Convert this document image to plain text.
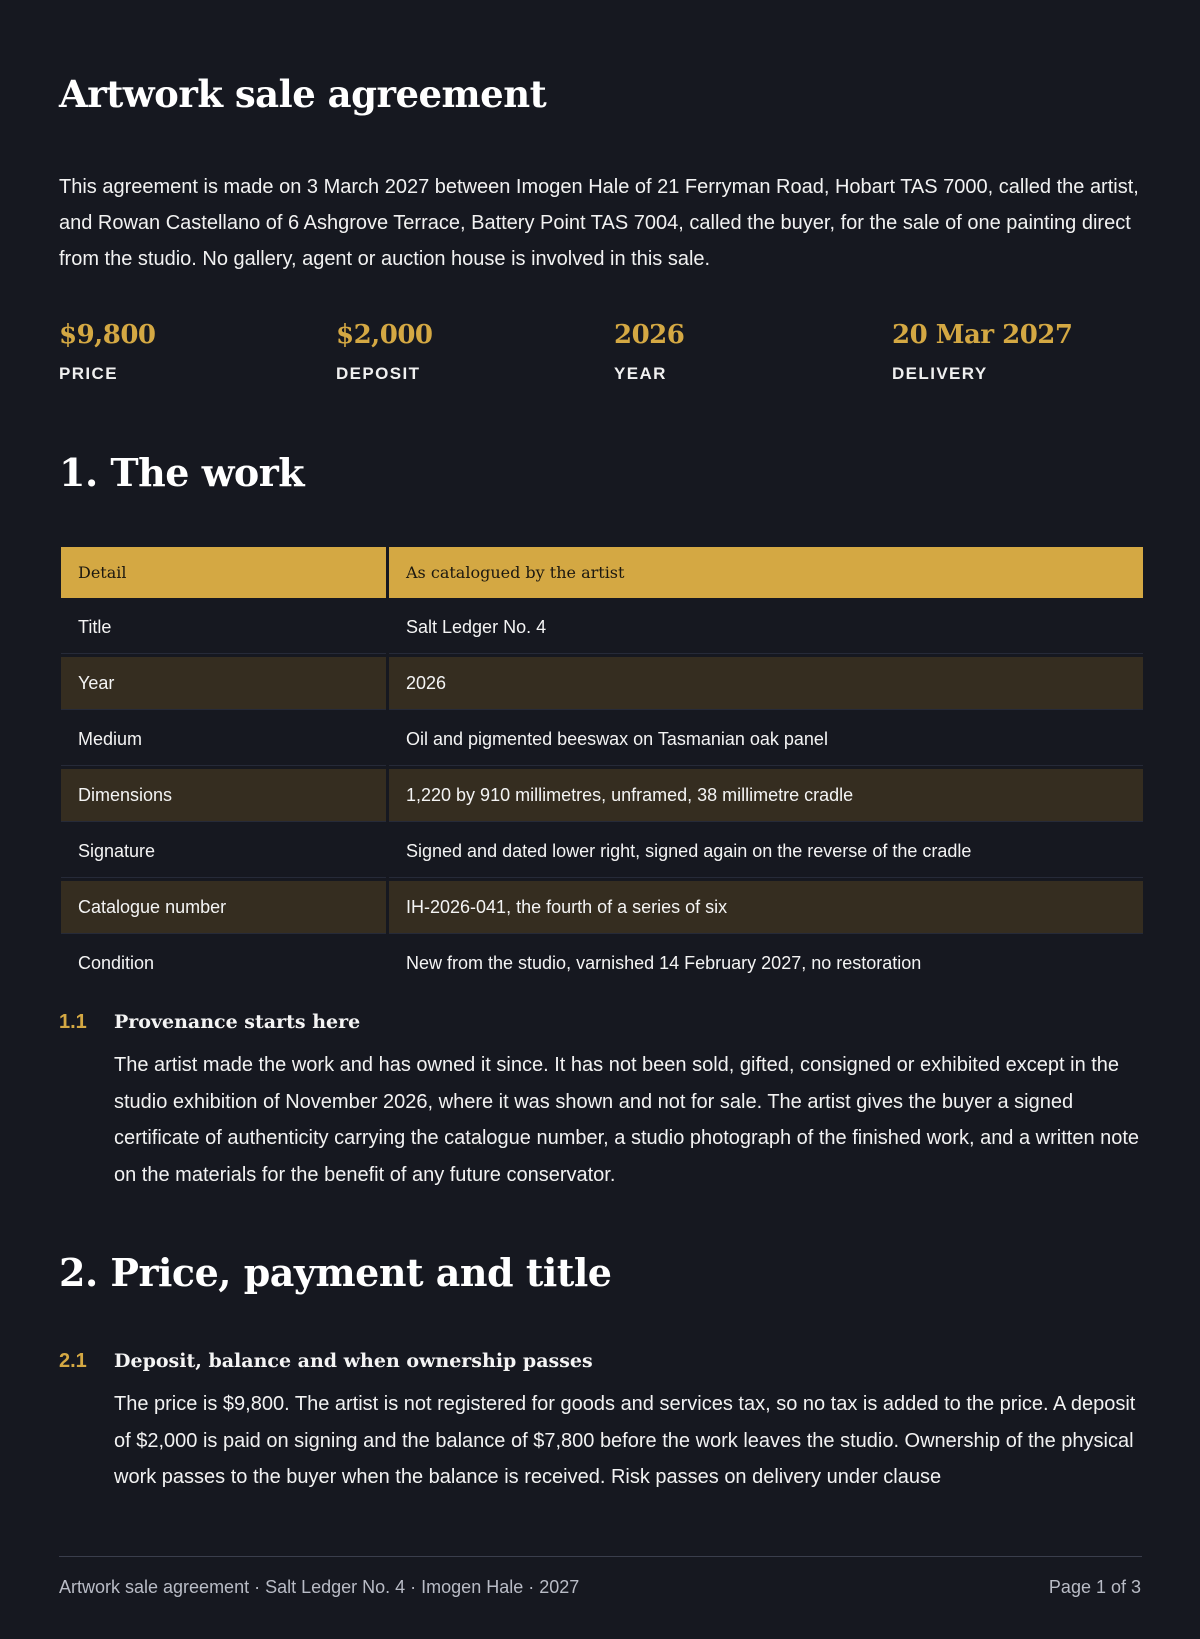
Artwork sale agreement

This agreement is made on 3 March 2027 between Imogen Hale of 21 Ferryman Road, Hobart TAS 7000, called the artist, and Rowan Castellano of 6 Ashgrove Terrace, Battery Point TAS 7004, called the buyer, for the sale of one painting direct from the studio. No gallery, agent or auction house is involved in this sale.

$9,800
PRICE
$2,000
DEPOSIT
2026
YEAR
20 Mar 2027
DELIVERY
1. The work
Detail	As catalogued by the artist
Title	Salt Ledger No. 4
Year	2026
Medium	Oil and pigmented beeswax on Tasmanian oak panel
Dimensions	1,220 by 910 millimetres, unframed, 38 millimetre cradle
Signature	Signed and dated lower right, signed again on the reverse of the cradle
Catalogue number	IH-2026-041, the fourth of a series of six
Condition	New from the studio, varnished 14 February 2027, no restoration
1.1 Provenance starts here

The artist made the work and has owned it since. It has not been sold, gifted, consigned or exhibited except in the studio exhibition of November 2026, where it was shown and not for sale. The artist gives the buyer a signed certificate of authenticity carrying the catalogue number, a studio photograph of the finished work, and a written note on the materials for the benefit of any future conservator.

2. Price, payment and title
2.1 Deposit, balance and when ownership passes

The price is $9,800. The artist is not registered for goods and services tax, so no tax is added to the price. A deposit of $2,000 is paid on signing and the balance of $7,800 before the work leaves the studio. Ownership of the physical work passes to the buyer when the balance is received. Risk passes on delivery under clause

Artwork sale agreement · Salt Ledger No. 4 · Imogen Hale · 2027	Page 1 of 3
